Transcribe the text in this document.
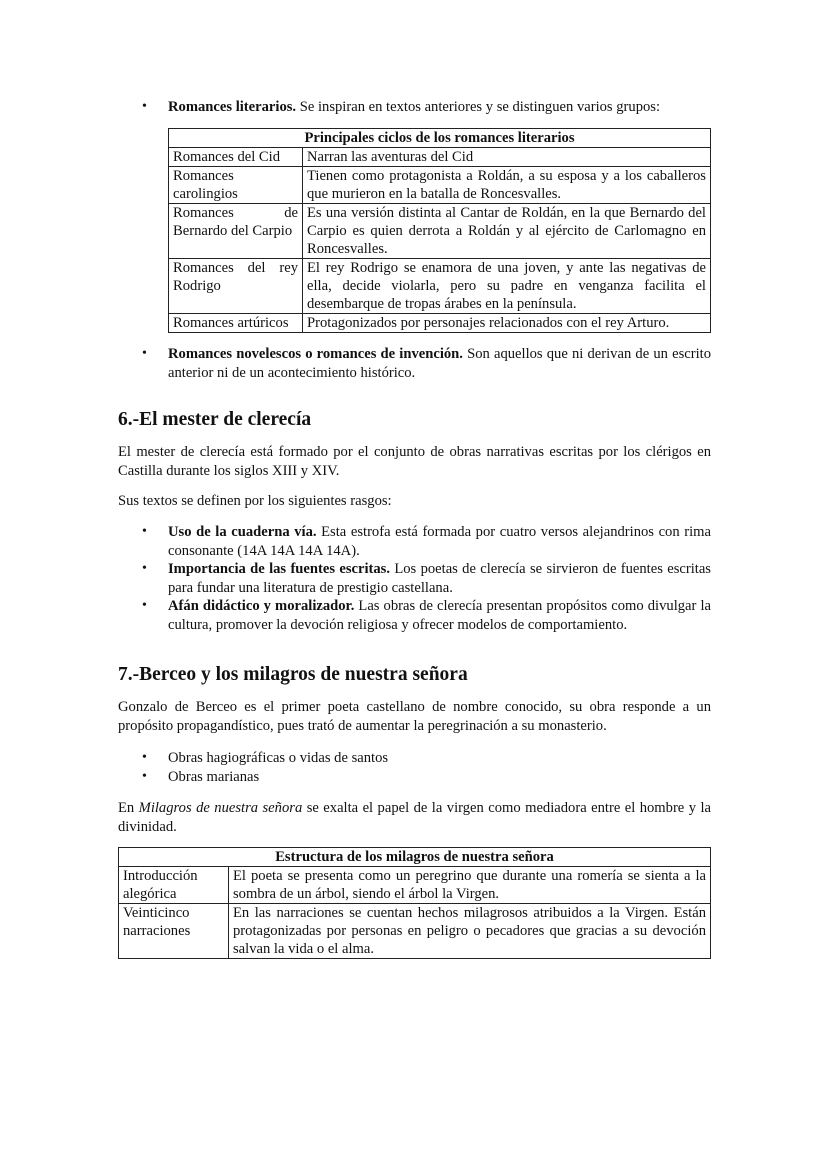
• Romances literarios. Se inspiran en textos anteriores y se distinguen varios grupos:
Principales ciclos de los romances literarios	
Romances del Cid	Narran las aventuras del Cid
Romances carolingios	Tienen como protagonista a Roldán, a su esposa y a los caballeros que murieron en la batalla de Roncesvalles.
Romances de Bernardo del Carpio	Es una versión distinta al Cantar de Roldán, en la que Bernardo del Carpio es quien derrota a Roldán y al ejército de Carlomagno en Roncesvalles.
Romances del rey Rodrigo	El rey Rodrigo se enamora de una joven, y ante las negativas de ella, decide violarla, pero su padre en venganza facilita el desembarque de tropas árabes en la península.
Romances artúricos	Protagonizados por personajes relacionados con el rey Arturo.
• Romances novelescos o romances de invención. Son aquellos que ni derivan de un escrito anterior ni de un acontecimiento histórico.
6.-El mester de clerecía

El mester de clerecía está formado por el conjunto de obras narrativas escritas por los clérigos en Castilla durante los siglos XIII y XIV.

Sus textos se definen por los siguientes rasgos:

• Uso de la cuaderna vía. Esta estrofa está formada por cuatro versos alejandrinos con rima consonante (14A 14A 14A 14A).
• Importancia de las fuentes escritas. Los poetas de clerecía se sirvieron de fuentes escritas para fundar una literatura de prestigio castellana.
• Afán didáctico y moralizador. Las obras de clerecía presentan propósitos como divulgar la cultura, promover la devoción religiosa y ofrecer modelos de comportamiento.
7.-Berceo y los milagros de nuestra señora

Gonzalo de Berceo es el primer poeta castellano de nombre conocido, su obra responde a un propósito propagandístico, pues trató de aumentar la peregrinación a su monasterio.

• Obras hagiográficas o vidas de santos
• Obras marianas

En Milagros de nuestra señora se exalta el papel de la virgen como mediadora entre el hombre y la divinidad.

Estructura de los milagros de nuestra señora	
Introducción alegórica	El poeta se presenta como un peregrino que durante una romería se sienta a la sombra de un árbol, siendo el árbol la Virgen.
Veinticinco narraciones	En las narraciones se cuentan hechos milagrosos atribuidos a la Virgen. Están protagonizadas por personas en peligro o pecadores que gracias a su devoción salvan la vida o el alma.
